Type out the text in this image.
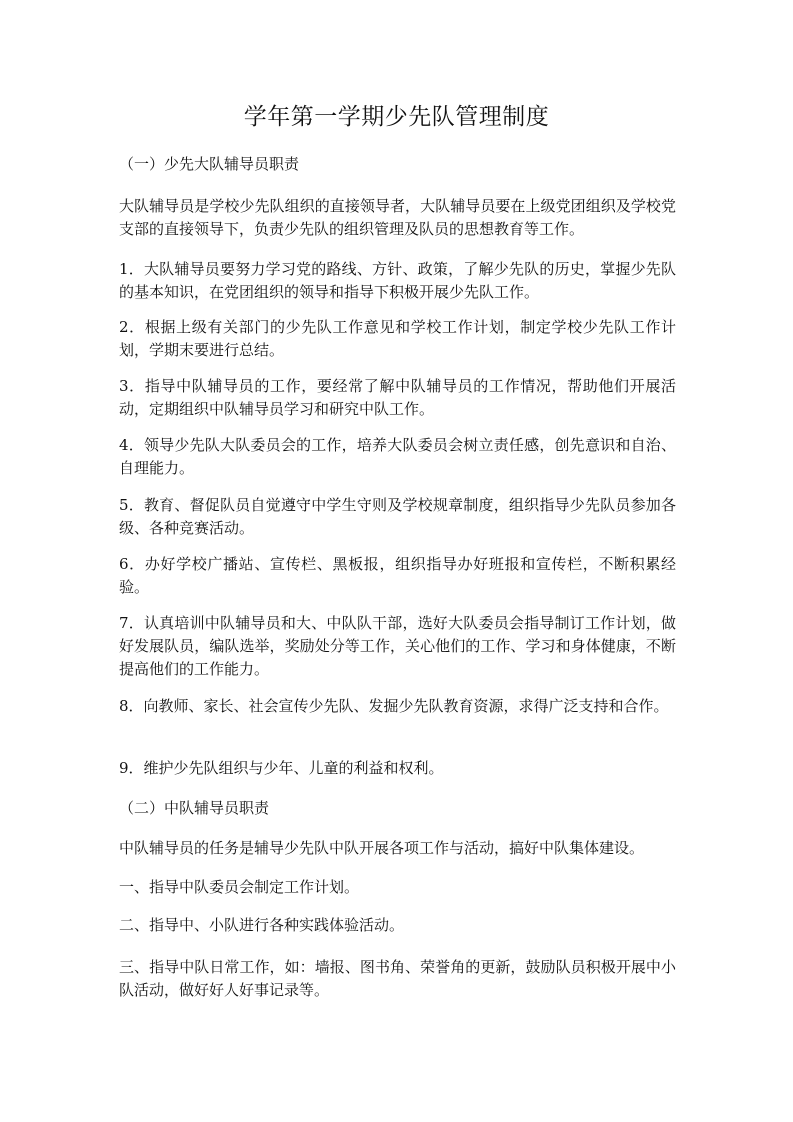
学年第一学期少先队管理制度

（一）少先大队辅导员职责

大队辅导员是学校少先队组织的直接领导者，大队辅导员要在上级党团组织及学校党支部的直接领导下，负责少先队的组织管理及队员的思想教育等工作。

1．大队辅导员要努力学习党的路线、方针、政策，了解少先队的历史，掌握少先队的基本知识，在党团组织的领导和指导下积极开展少先队工作。

2．根据上级有关部门的少先队工作意见和学校工作计划，制定学校少先队工作计划，学期末要进行总结。

3．指导中队辅导员的工作，要经常了解中队辅导员的工作情况，帮助他们开展活动，定期组织中队辅导员学习和研究中队工作。

4．领导少先队大队委员会的工作，培养大队委员会树立责任感，创先意识和自治、自理能力。

5．教育、督促队员自觉遵守中学生守则及学校规章制度，组织指导少先队员参加各级、各种竞赛活动。

6．办好学校广播站、宣传栏、黑板报，组织指导办好班报和宣传栏，不断积累经验。

7．认真培训中队辅导员和大、中队队干部，选好大队委员会指导制订工作计划，做好发展队员，编队选举，奖励处分等工作，关心他们的工作、学习和身体健康，不断提高他们的工作能力。

8．向教师、家长、社会宣传少先队、发掘少先队教育资源，求得广泛支持和合作。

9．维护少先队组织与少年、儿童的利益和权利。

（二）中队辅导员职责

中队辅导员的任务是辅导少先队中队开展各项工作与活动，搞好中队集体建设。

一、指导中队委员会制定工作计划。

二、指导中、小队进行各种实践体验活动。

三、指导中队日常工作，如：墙报、图书角、荣誉角的更新，鼓励队员积极开展中小队活动，做好好人好事记录等。
